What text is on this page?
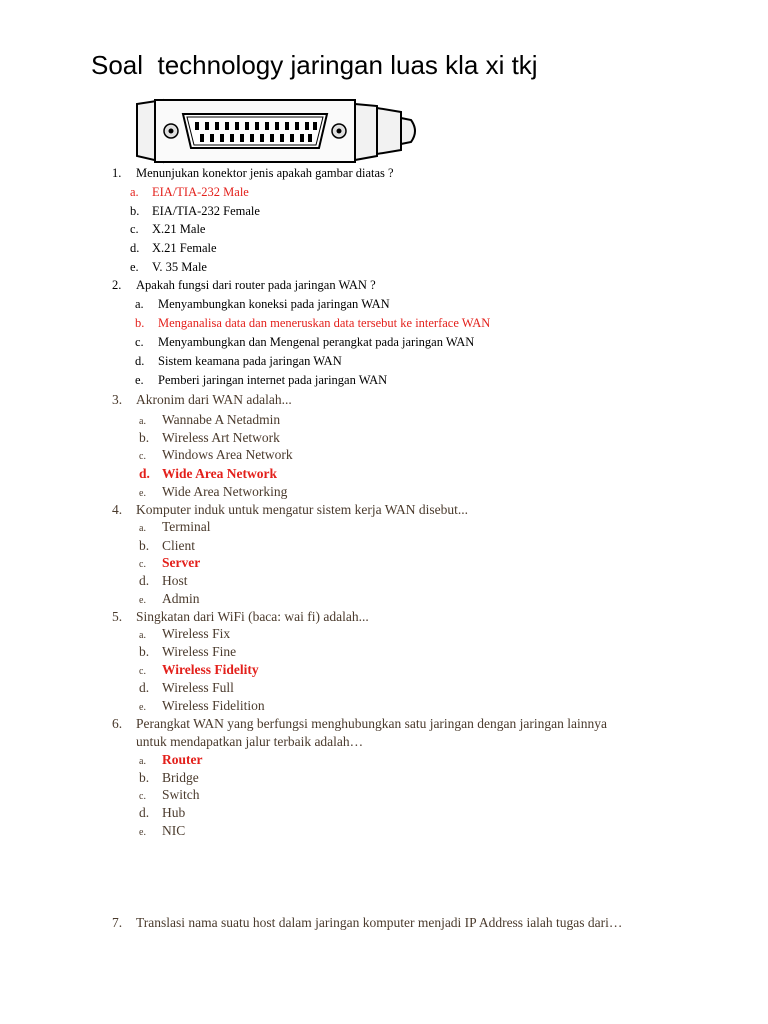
Soal  technology jaringan luas kla xi tkj
1. Menunjukan konektor jenis apakah gambar diatas ?
a. EIA/TIA-232 Male
b. EIA/TIA-232 Female
c. X.21 Male
d. X.21 Female
e. V. 35 Male
2. Apakah fungsi dari router pada jaringan WAN ?
a. Menyambungkan koneksi pada jaringan WAN
b. Menganalisa data dan meneruskan data tersebut ke interface WAN
c. Menyambungkan dan Mengenal perangkat pada jaringan WAN
d. Sistem keamana pada jaringan WAN
e. Pemberi jaringan internet pada jaringan WAN
3. Akronim dari WAN adalah...
a. Wannabe A Netadmin
b. Wireless Art Network
c. Windows Area Network
d. Wide Area Network
e. Wide Area Networking
4. Komputer induk untuk mengatur sistem kerja WAN disebut...
a. Terminal
b. Client
c. Server
d. Host
e. Admin
5. Singkatan dari WiFi (baca: wai fi) adalah...
a. Wireless Fix
b. Wireless Fine
c. Wireless Fidelity
d. Wireless Full
e. Wireless Fidelition
6. Perangkat WAN yang berfungsi menghubungkan satu jaringan dengan jaringan lainnya
untuk mendapatkan jalur terbaik adalah…
a. Router
b. Bridge
c. Switch
d. Hub
e. NIC
7. Translasi nama suatu host dalam jaringan komputer menjadi IP Address ialah tugas dari…
